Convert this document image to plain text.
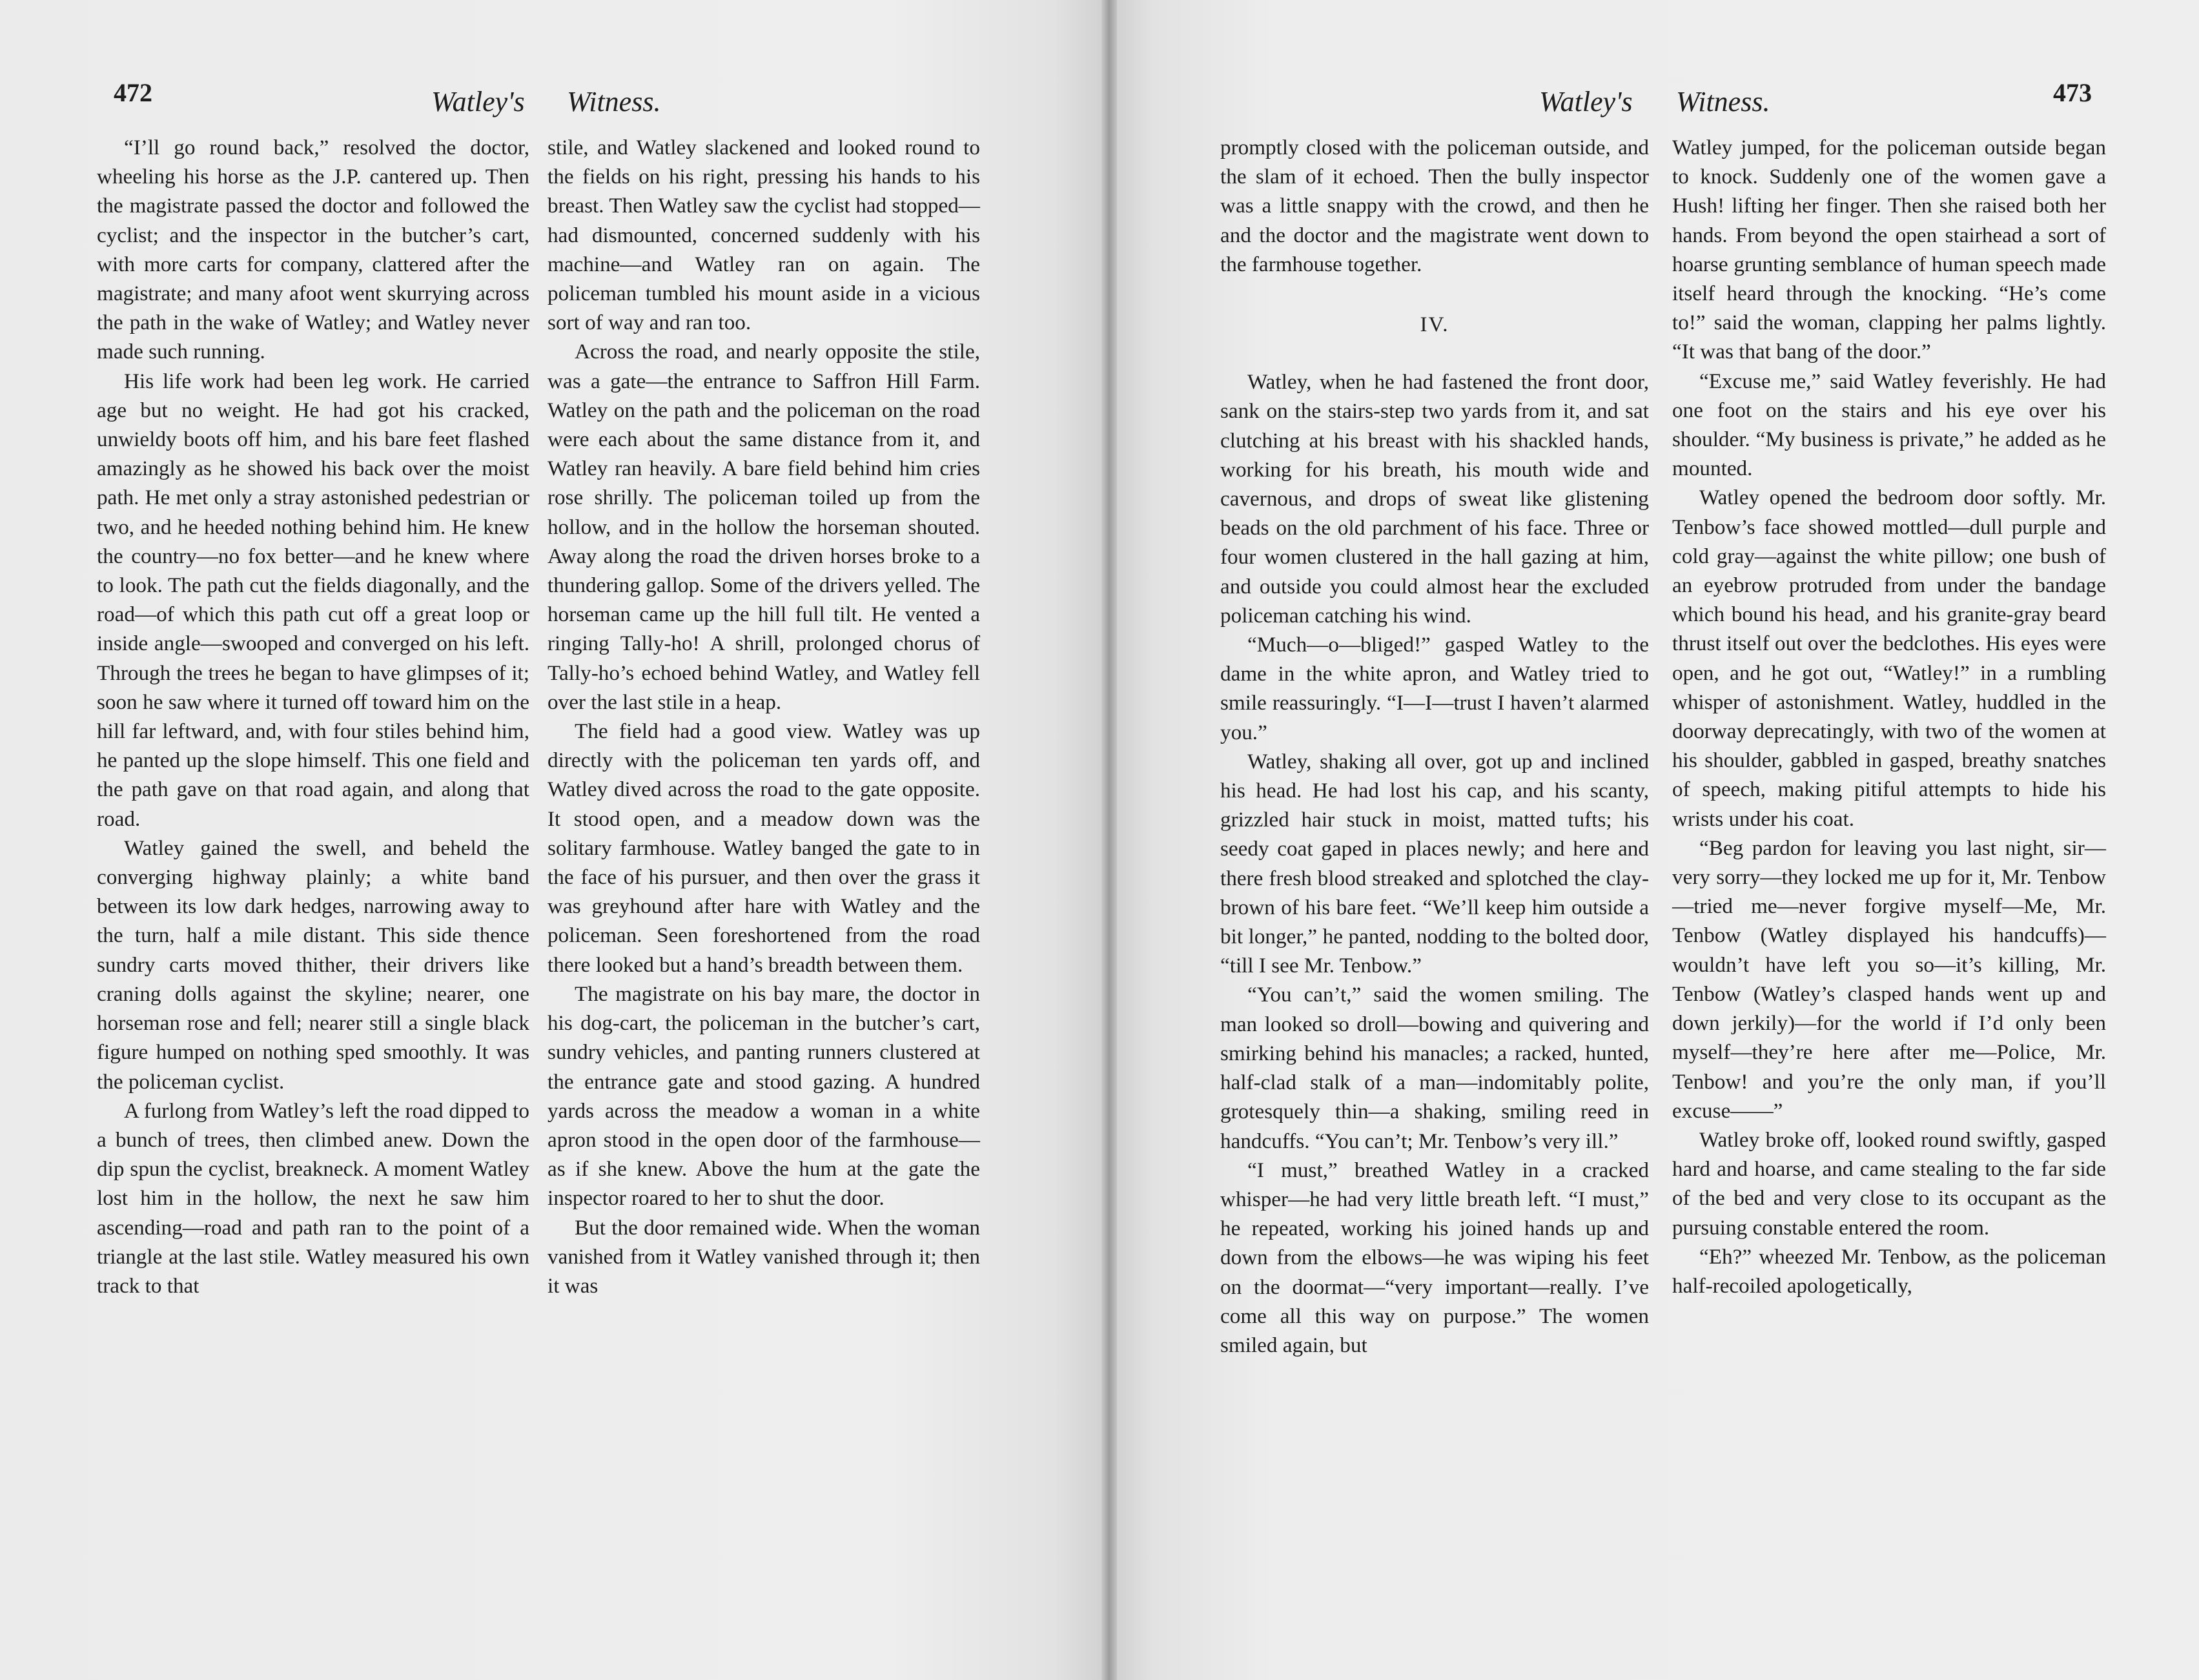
472	Watley's Witness.

“I’ll go round back,” resolved the doctor, wheeling his horse as the J.P. cantered up. Then the magistrate passed the doctor and followed the cyclist; and the inspector in the butcher’s cart, with more carts for company, clattered after the magistrate; and many afoot went skurrying across the path in the wake of Watley; and Watley never made such running.

His life work had been leg work. He carried age but no weight. He had got his cracked, unwieldy boots off him, and his bare feet flashed amazingly as he showed his back over the moist path. He met only a stray astonished pedestrian or two, and he heeded nothing behind him. He knew the country—no fox better—and he knew where to look. The path cut the fields diagonally, and the road—of which this path cut off a great loop or inside angle—swooped and converged on his left. Through the trees he began to have glimpses of it; soon he saw where it turned off toward him on the hill far leftward, and, with four stiles behind him, he panted up the slope himself. This one field and the path gave on that road again, and along that road.

Watley gained the swell, and beheld the converging highway plainly; a white band between its low dark hedges, narrowing away to the turn, half a mile distant. This side thence sundry carts moved thither, their drivers like craning dolls against the skyline; nearer, one horseman rose and fell; nearer still a single black figure humped on nothing sped smoothly. It was the policeman cyclist.

A furlong from Watley’s left the road dipped to a bunch of trees, then climbed anew. Down the dip spun the cyclist, breakneck. A moment Watley lost him in the hollow, the next he saw him ascending—road and path ran to the point of a triangle at the last stile. Watley measured his own track to that

stile, and Watley slackened and looked round to the fields on his right, pressing his hands to his breast. Then Watley saw the cyclist had stopped—had dismounted, concerned suddenly with his machine—and Watley ran on again. The policeman tumbled his mount aside in a vicious sort of way and ran too.

Across the road, and nearly opposite the stile, was a gate—the entrance to Saffron Hill Farm. Watley on the path and the policeman on the road were each about the same distance from it, and Watley ran heavily. A bare field behind him cries rose shrilly. The policeman toiled up from the hollow, and in the hollow the horseman shouted. Away along the road the driven horses broke to a thundering gallop. Some of the drivers yelled. The horseman came up the hill full tilt. He vented a ringing Tally-ho! A shrill, prolonged chorus of Tally-ho’s echoed behind Watley, and Watley fell over the last stile in a heap.

The field had a good view. Watley was up directly with the policeman ten yards off, and Watley dived across the road to the gate opposite. It stood open, and a meadow down was the solitary farmhouse. Watley banged the gate to in the face of his pursuer, and then over the grass it was greyhound after hare with Watley and the policeman. Seen foreshortened from the road there looked but a hand’s breadth between them.

The magistrate on his bay mare, the doctor in his dog-cart, the policeman in the butcher’s cart, sundry vehicles, and panting runners clustered at the entrance gate and stood gazing. A hundred yards across the meadow a woman in a white apron stood in the open door of the farmhouse—as if she knew. Above the hum at the gate the inspector roared to her to shut the door.

But the door remained wide. When the woman vanished from it Watley vanished through it; then it was

Watley's Witness.	473

promptly closed with the policeman outside, and the slam of it echoed. Then the bully inspector was a little snappy with the crowd, and then he and the doctor and the magistrate went down to the farmhouse together.

IV.

Watley, when he had fastened the front door, sank on the stairs-step two yards from it, and sat clutching at his breast with his shackled hands, working for his breath, his mouth wide and cavernous, and drops of sweat like glistening beads on the old parchment of his face. Three or four women clustered in the hall gazing at him, and outside you could almost hear the excluded policeman catching his wind.

“Much—o—bliged!” gasped Watley to the dame in the white apron, and Watley tried to smile reassuringly. “I—I—trust I haven’t alarmed you.”

Watley, shaking all over, got up and inclined his head. He had lost his cap, and his scanty, grizzled hair stuck in moist, matted tufts; his seedy coat gaped in places newly; and here and there fresh blood streaked and splotched the clay-brown of his bare feet. “We’ll keep him outside a bit longer,” he panted, nodding to the bolted door, “till I see Mr. Tenbow.”

“You can’t,” said the women smiling. The man looked so droll—bowing and quivering and smirking behind his manacles; a racked, hunted, half-clad stalk of a man—indomitably polite, grotesquely thin—a shaking, smiling reed in handcuffs. “You can’t; Mr. Tenbow’s very ill.”

“I must,” breathed Watley in a cracked whisper—he had very little breath left. “I must,” he repeated, working his joined hands up and down from the elbows—he was wiping his feet on the doormat—“very important—really. I’ve come all this way on purpose.” The women smiled again, but

Watley jumped, for the policeman outside began to knock. Suddenly one of the women gave a Hush! lifting her finger. Then she raised both her hands. From beyond the open stairhead a sort of hoarse grunting semblance of human speech made itself heard through the knocking. “He’s come to!” said the woman, clapping her palms lightly. “It was that bang of the door.”

“Excuse me,” said Watley feverishly. He had one foot on the stairs and his eye over his shoulder. “My business is private,” he added as he mounted.

Watley opened the bedroom door softly. Mr. Tenbow’s face showed mottled—dull purple and cold gray—against the white pillow; one bush of an eyebrow protruded from under the bandage which bound his head, and his granite-gray beard thrust itself out over the bedclothes. His eyes were open, and he got out, “Watley!” in a rumbling whisper of astonishment. Watley, huddled in the doorway deprecatingly, with two of the women at his shoulder, gabbled in gasped, breathy snatches of speech, making pitiful attempts to hide his wrists under his coat.

“Beg pardon for leaving you last night, sir—very sorry—they locked me up for it, Mr. Tenbow—tried me—never forgive myself—Me, Mr. Tenbow (Watley displayed his handcuffs)—wouldn’t have left you so—it’s killing, Mr. Tenbow (Watley’s clasped hands went up and down jerkily)—for the world if I’d only been myself—they’re here after me—Police, Mr. Tenbow! and you’re the only man, if you’ll excuse——”

Watley broke off, looked round swiftly, gasped hard and hoarse, and came stealing to the far side of the bed and very close to its occupant as the pursuing constable entered the room.

“Eh?” wheezed Mr. Tenbow, as the policeman half-recoiled apologetically,
